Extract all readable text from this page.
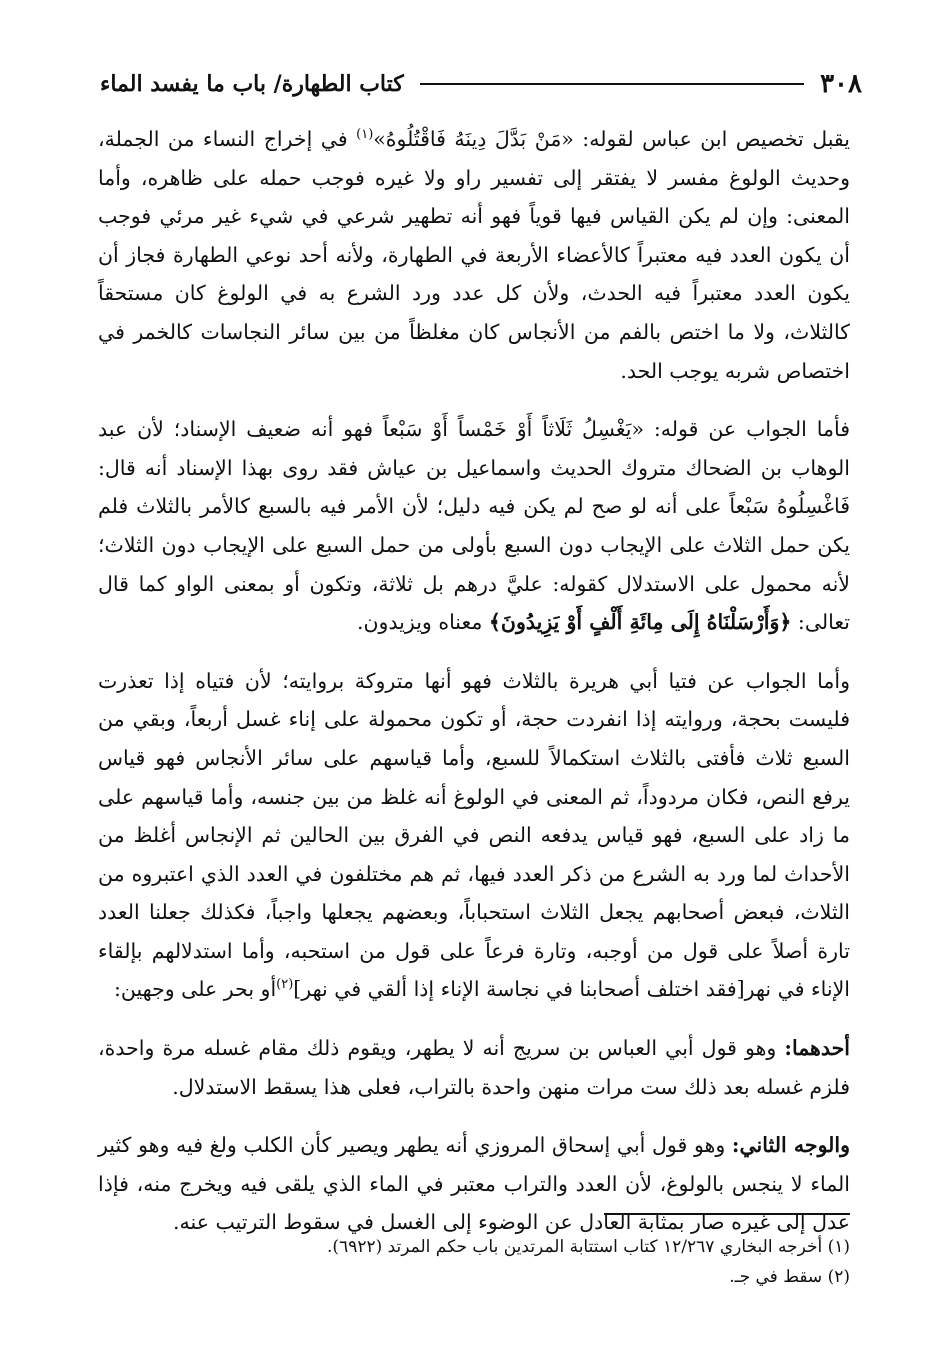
٣٠٨
كتاب الطهارة/ باب ما يفسد الماء

يقبل تخصيص ابن عباس لقوله: «مَنْ بَدَّلَ دِينَهُ فَاقْتُلُوهُ»$^{(١)}$ في إخراج النساء من الجملة، وحديث الولوغ مفسر لا يفتقر إلى تفسير راو ولا غيره فوجب حمله على ظاهره، وأما المعنى: وإن لم يكن القياس فيها قوياً فهو أنه تطهير شرعي في شيء غير مرئي فوجب أن يكون العدد فيه معتبراً كالأعضاء الأربعة في الطهارة، ولأنه أحد نوعي الطهارة فجاز أن يكون العدد معتبراً فيه الحدث، ولأن كل عدد ورد الشرع به في الولوغ كان مستحقاً كالثلاث، ولا ما اختص بالفم من الأنجاس كان مغلظاً من بين سائر النجاسات كالخمر في اختصاص شربه يوجب الحد.

فأما الجواب عن قوله: «يَغْسِلُ ثَلَاثاً أَوْ خَمْساً أَوْ سَبْعاً فهو أنه ضعيف الإسناد؛ لأن عبد الوهاب بن الضحاك متروك الحديث واسماعيل بن عياش فقد روى بهذا الإسناد أنه قال: فَاغْسِلُوهُ سَبْعاً على أنه لو صح لم يكن فيه دليل؛ لأن الأمر فيه بالسبع كالأمر بالثلاث فلم يكن حمل الثلاث على الإيجاب دون السبع بأولى من حمل السبع على الإيجاب دون الثلاث؛ لأنه محمول على الاستدلال كقوله: عليَّ درهم بل ثلاثة، وتكون أو بمعنى الواو كما قال تعالى: ﴿وَأَرْسَلْنَاهُ إِلَى مِائَةِ أَلْفٍ أَوْ يَزِيدُونَ﴾ معناه ويزيدون.

وأما الجواب عن فتيا أبي هريرة بالثلاث فهو أنها متروكة بروايته؛ لأن فتياه إذا تعذرت فليست بحجة، وروايته إذا انفردت حجة، أو تكون محمولة على إناء غسل أربعاً، وبقي من السبع ثلاث فأفتى بالثلاث استكمالاً للسبع، وأما قياسهم على سائر الأنجاس فهو قياس يرفع النص، فكان مردوداً، ثم المعنى في الولوغ أنه غلظ من بين جنسه، وأما قياسهم على ما زاد على السبع، فهو قياس يدفعه النص في الفرق بين الحالين ثم الإنجاس أغلظ من الأحداث لما ورد به الشرع من ذكر العدد فيها، ثم هم مختلفون في العدد الذي اعتبروه من الثلاث، فبعض أصحابهم يجعل الثلاث استحباباً، وبعضهم يجعلها واجباً، فكذلك جعلنا العدد تارة أصلاً على قول من أوجبه، وتارة فرعاً على قول من استحبه، وأما استدلالهم بإلقاء الإناء في نهر[فقد اختلف أصحابنا في نجاسة الإناء إذا ألقي في نهر]$^{(٢)}$أو بحر على وجهين:

أحدهما: وهو قول أبي العباس بن سريج أنه لا يطهر، ويقوم ذلك مقام غسله مرة واحدة، فلزم غسله بعد ذلك ست مرات منهن واحدة بالتراب، فعلى هذا يسقط الاستدلال.

والوجه الثاني: وهو قول أبي إسحاق المروزي أنه يطهر ويصير كأن الكلب ولغ فيه وهو كثير الماء لا ينجس بالولوغ، لأن العدد والتراب معتبر في الماء الذي يلقى فيه ويخرج منه، فإذا عدل إلى غيره صار بمثابة العادل عن الوضوء إلى الغسل في سقوط الترتيب عنه.

(١) أخرجه البخاري ١٢/٢٦٧ كتاب استتابة المرتدين باب حكم المرتد (٦٩٢٢).

(٢) سقط في جـ.
